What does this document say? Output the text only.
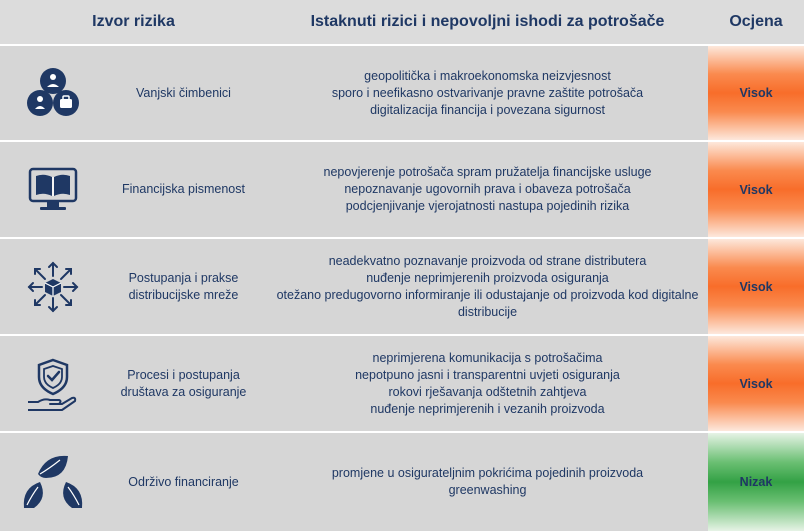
Izvor rizika	Istaknuti rizici i nepovoljni ishodi za potrošače	Ocjena
Vanjski čimbenici
geopolitička i makroekonomska neizvjesnost
sporo i neefikasno ostvarivanje pravne zaštite potrošača
digitalizacija financija i povezana sigurnost
Visok
Financijska pismenost
nepovjerenje potrošača spram pružatelja financijske usluge
nepoznavanje ugovornih prava i obaveza potrošača
podcjenjivanje vjerojatnosti nastupa pojedinih rizika
Visok
Postupanja i prakse distribucijske mreže
neadekvatno poznavanje proizvoda od strane distributera
nuđenje neprimjerenih proizvoda osiguranja
otežano predugovorno informiranje ili odustajanje od proizvoda kod digitalne distribucije
Visok
Procesi i postupanja društava za osiguranje
neprimjerena komunikacija s potrošačima
nepotpuno jasni i transparentni uvjeti osiguranja
rokovi rješavanja odštetnih zahtjeva
nuđenje neprimjerenih i vezanih proizvoda
Visok
Održivo financiranje
promjene u osigurateljnim pokrićima pojedinih proizvoda
greenwashing
Nizak
